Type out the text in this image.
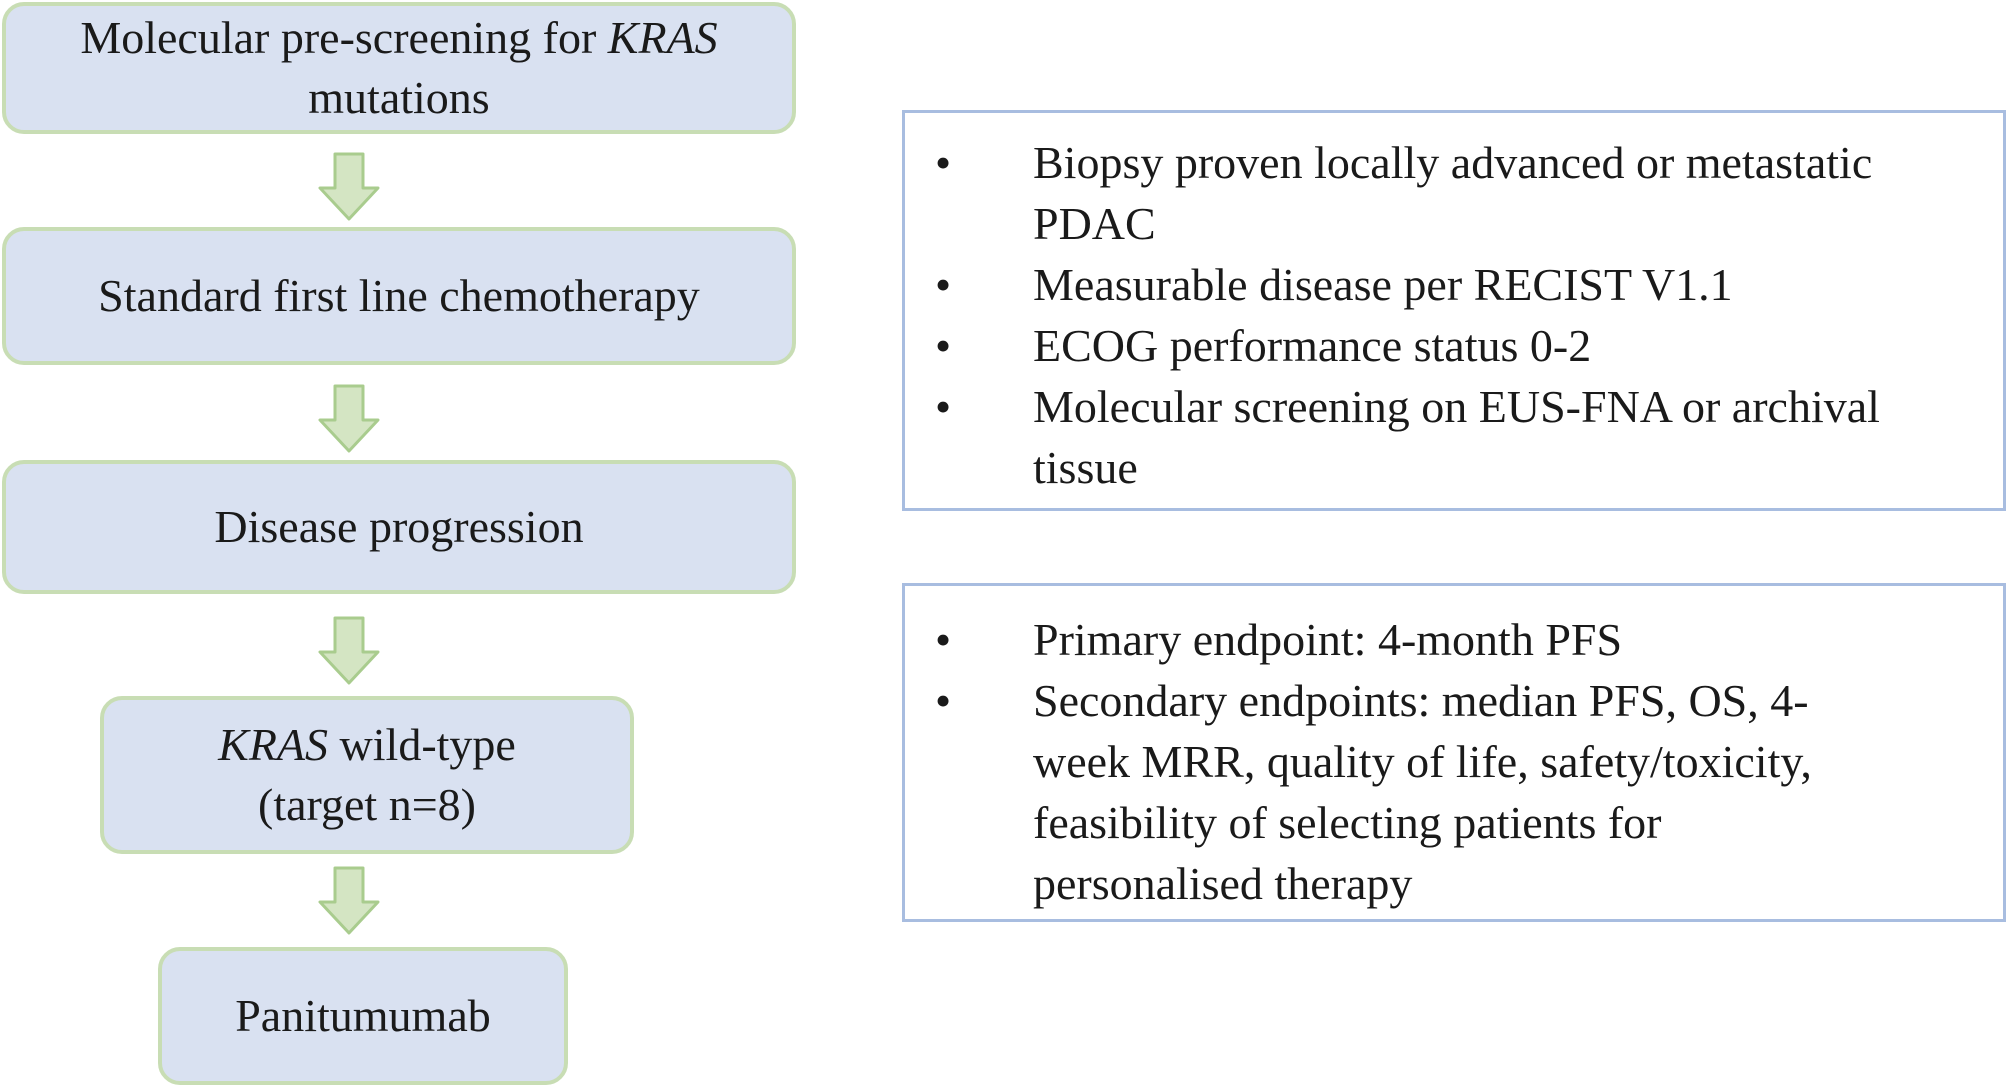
Molecular pre-screening for KRAS
mutations
Standard first line chemotherapy
Disease progression
KRAS wild-type
(target n=8)
Panitumumab
• Biopsy proven locally advanced or metastatic
PDAC
• Measurable disease per RECIST V1.1
• ECOG performance status 0-2
• Molecular screening on EUS-FNA or archival
tissue
• Primary endpoint: 4-month PFS
• Secondary endpoints: median PFS, OS, 4-
week MRR, quality of life, safety/toxicity,
feasibility of selecting patients for
personalised therapy
